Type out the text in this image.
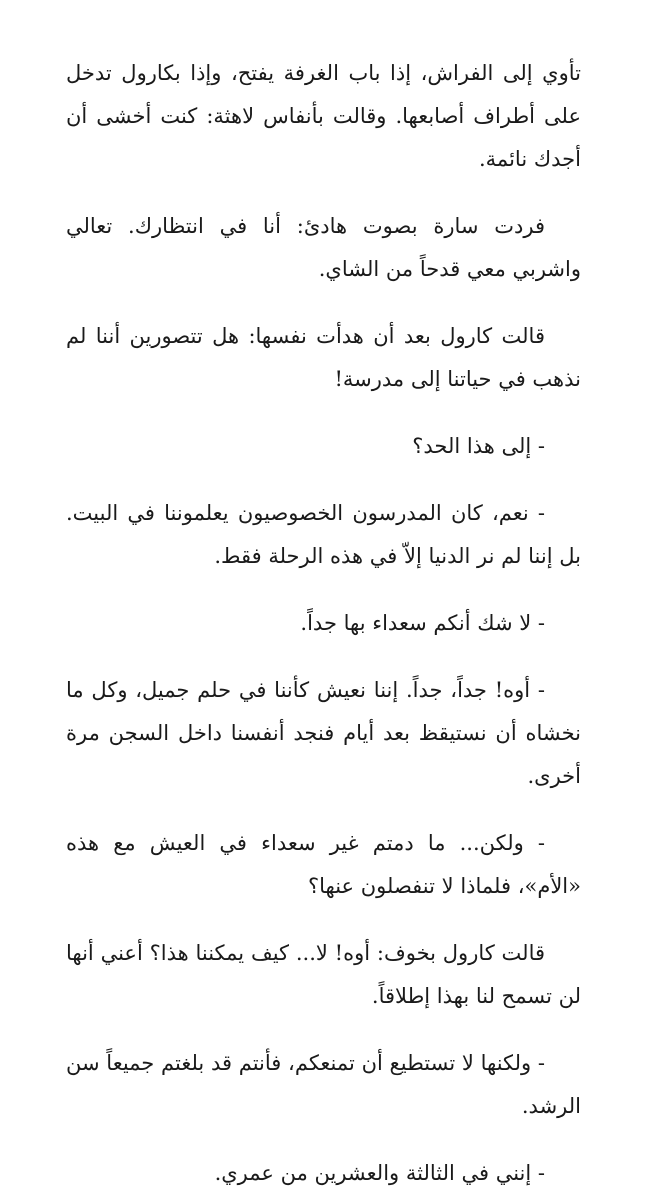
تأوي إلى الفراش، إذا باب الغرفة يفتح، وإذا بكارول تدخل على أطراف أصابعها. وقالت بأنفاس لاهثة: كنت أخشى أن أجدك نائمة.

فردت سارة بصوت هادئ: أنا في انتظارك. تعالي واشربي معي قدحاً من الشاي.

قالت كارول بعد أن هدأت نفسها: هل تتصورين أننا لم نذهب في حياتنا إلى مدرسة!

- إلى هذا الحد؟

- نعم، كان المدرسون الخصوصيون يعلموننا في البيت. بل إننا لم نر الدنيا إلاّ في هذه الرحلة فقط.

- لا شك أنكم سعداء بها جداً.

- أوه! جداً، جداً. إننا نعيش كأننا في حلم جميل، وكل ما نخشاه أن نستيقظ بعد أيام فنجد أنفسنا داخل السجن مرة أخرى.

- ولكن... ما دمتم غير سعداء في العيش مع هذه «الأم»، فلماذا لا تنفصلون عنها؟

قالت كارول بخوف: أوه! لا... كيف يمكننا هذا؟ أعني أنها لن تسمح لنا بهذا إطلاقاً.

- ولكنها لا تستطيع أن تمنعكم، فأنتم قد بلغتم جميعاً سن الرشد.

- إنني في الثالثة والعشرين من عمري.
